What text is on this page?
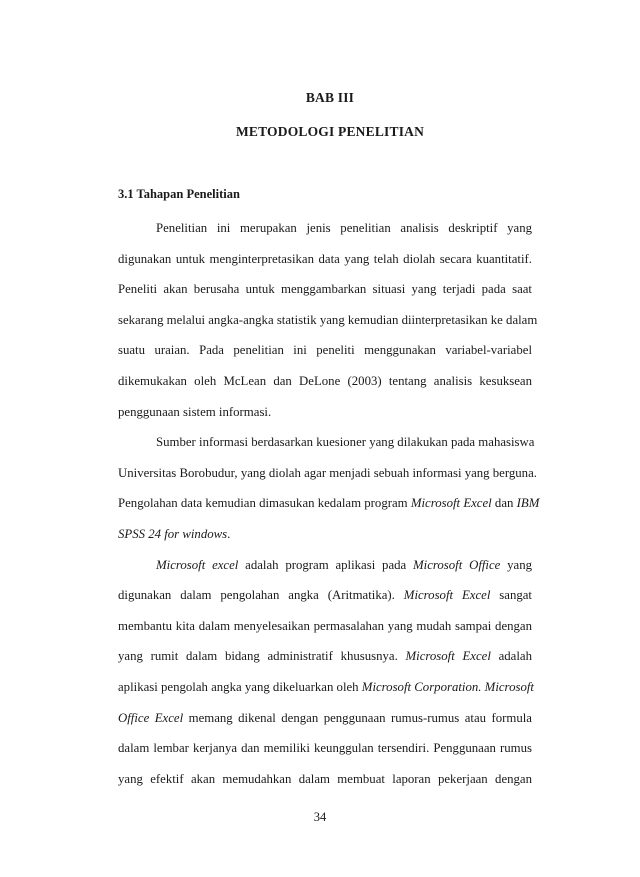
BAB III
METODOLOGI PENELITIAN
3.1 Tahapan Penelitian
Penelitian ini merupakan jenis penelitian analisis deskriptif yang
digunakan untuk menginterpretasikan data yang telah diolah secara kuantitatif.
Peneliti akan berusaha untuk menggambarkan situasi yang terjadi pada saat
sekarang melalui angka-angka statistik yang kemudian diinterpretasikan ke dalam
suatu uraian. Pada penelitian ini peneliti menggunakan variabel-variabel
dikemukakan oleh McLean dan DeLone (2003) tentang analisis kesuksean
penggunaan sistem informasi.
Sumber informasi berdasarkan kuesioner yang dilakukan pada mahasiswa
Universitas Borobudur, yang diolah agar menjadi sebuah informasi yang berguna.
Pengolahan data kemudian dimasukan kedalam program Microsoft Excel dan IBM
SPSS 24 for windows.
Microsoft excel adalah program aplikasi pada Microsoft Office yang
digunakan dalam pengolahan angka (Aritmatika). Microsoft Excel sangat
membantu kita dalam menyelesaikan permasalahan yang mudah sampai dengan
yang rumit dalam bidang administratif khususnya. Microsoft Excel adalah
aplikasi pengolah angka yang dikeluarkan oleh Microsoft Corporation. Microsoft
Office Excel memang dikenal dengan penggunaan rumus-rumus atau formula
dalam lembar kerjanya dan memiliki keunggulan tersendiri. Penggunaan rumus
yang efektif akan memudahkan dalam membuat laporan pekerjaan dengan
34
